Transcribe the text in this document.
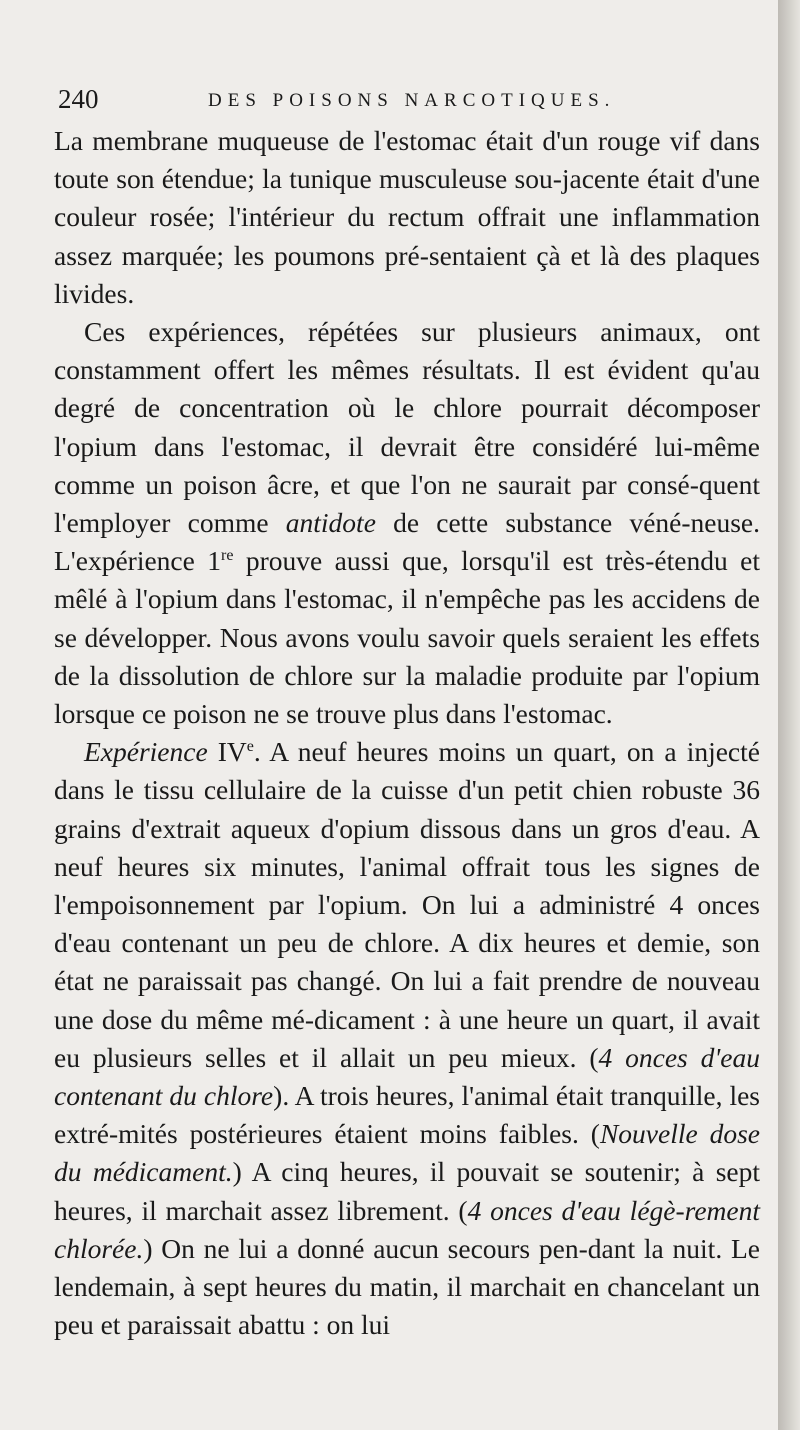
240	DES POISONS NARCOTIQUES.

La membrane muqueuse de l'estomac était d'un rouge vif dans toute son étendue; la tunique musculeuse sou-jacente était d'une couleur rosée; l'intérieur du rectum offrait une inflammation assez marquée; les poumons pré-sentaient çà et là des plaques livides.

Ces expériences, répétées sur plusieurs animaux, ont constamment offert les mêmes résultats. Il est évident qu'au degré de concentration où le chlore pourrait décomposer l'opium dans l'estomac, il devrait être considéré lui-même comme un poison âcre, et que l'on ne saurait par consé-quent l'employer comme antidote de cette substance véné-neuse. L'expérience 1re prouve aussi que, lorsqu'il est très-étendu et mêlé à l'opium dans l'estomac, il n'empêche pas les accidens de se développer. Nous avons voulu savoir quels seraient les effets de la dissolution de chlore sur la maladie produite par l'opium lorsque ce poison ne se trouve plus dans l'estomac.

Expérience IVe. A neuf heures moins un quart, on a injecté dans le tissu cellulaire de la cuisse d'un petit chien robuste 36 grains d'extrait aqueux d'opium dissous dans un gros d'eau. A neuf heures six minutes, l'animal offrait tous les signes de l'empoisonnement par l'opium. On lui a administré 4 onces d'eau contenant un peu de chlore. A dix heures et demie, son état ne paraissait pas changé. On lui a fait prendre de nouveau une dose du même mé-dicament : à une heure un quart, il avait eu plusieurs selles et il allait un peu mieux. (4 onces d'eau contenant du chlore). A trois heures, l'animal était tranquille, les extré-mités postérieures étaient moins faibles. (Nouvelle dose du médicament.) A cinq heures, il pouvait se soutenir; à sept heures, il marchait assez librement. (4 onces d'eau légè-rement chlorée.) On ne lui a donné aucun secours pen-dant la nuit. Le lendemain, à sept heures du matin, il marchait en chancelant un peu et paraissait abattu : on lui
